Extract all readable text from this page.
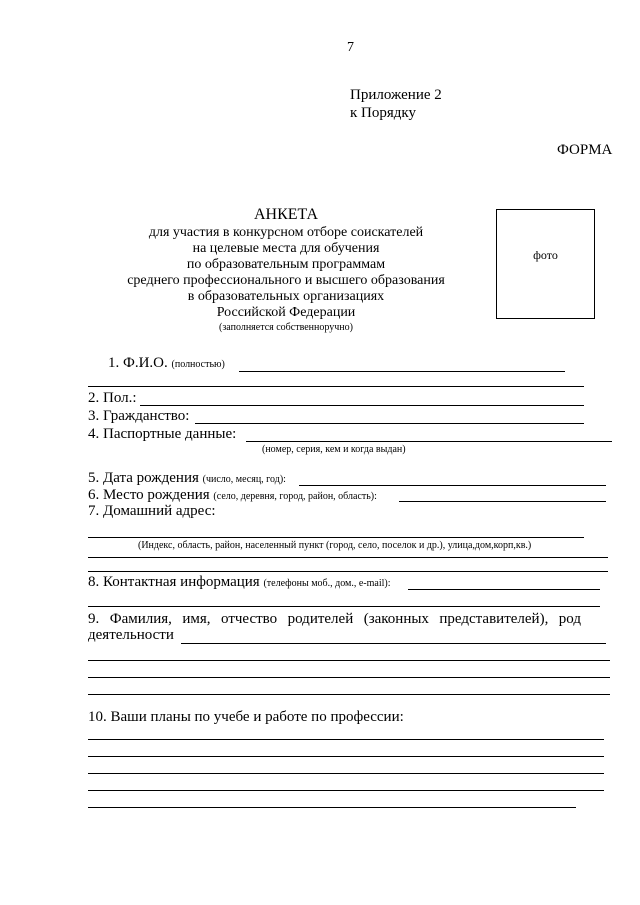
7
Приложение 2
к Порядку
ФОРМА
АНКЕТА
для участия в конкурсном отборе соискателей
на целевые места для обучения
по образовательным программам
среднего профессионального и высшего образования
в образовательных организациях
Российской Федерации
(заполняется собственноручно)
фото
1. Ф.И.О. (полностью)
2. Пол.:
3. Гражданство:
4. Паспортные данные:
(номер, серия, кем и когда выдан)
5. Дата рождения (число, месяц, год):
6. Место рождения (село, деревня, город, район, область):
7. Домашний адрес:
(Индекс, область, район, населенный пункт (город, село, поселок и др.), улица,дом,корп,кв.)
8. Контактная информация (телефоны моб., дом., e-mail):
9. Фамилия, имя, отчество родителей (законных представителей), род
деятельности
10. Ваши планы по учебе и работе по профессии:
